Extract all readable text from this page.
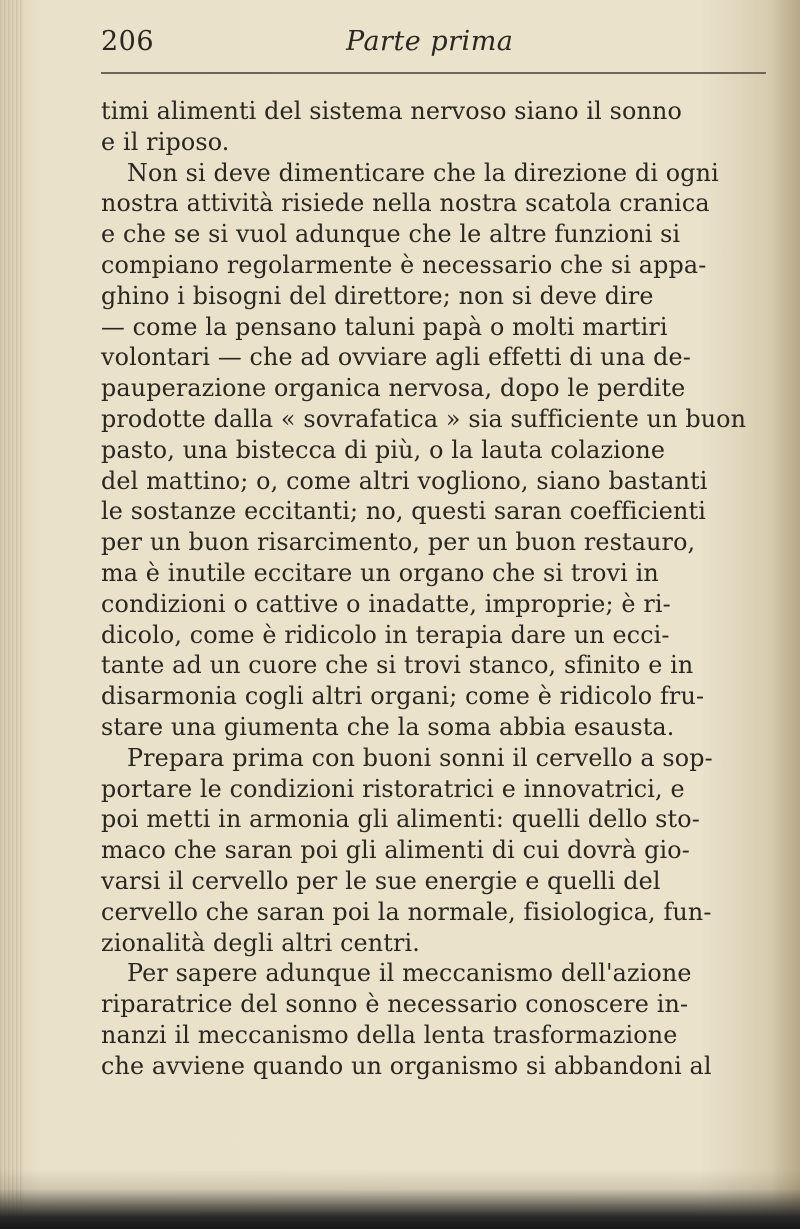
206	Parte prima
timi alimenti del sistema nervoso siano il sonno
e il riposo.
Non si deve dimenticare che la direzione di ogni
nostra attività risiede nella nostra scatola cranica
e che se si vuol adunque che le altre funzioni si
compiano regolarmente è necessario che si appa-
ghino i bisogni del direttore; non si deve dire
— come la pensano taluni papà o molti martiri
volontari — che ad ovviare agli effetti di una de-
pauperazione organica nervosa, dopo le perdite
prodotte dalla « sovrafatica » sia sufficiente un buon
pasto, una bistecca di più, o la lauta colazione
del mattino; o, come altri vogliono, siano bastanti
le sostanze eccitanti; no, questi saran coefficienti
per un buon risarcimento, per un buon restauro,
ma è inutile eccitare un organo che si trovi in
condizioni o cattive o inadatte, improprie; è ri-
dicolo, come è ridicolo in terapia dare un ecci-
tante ad un cuore che si trovi stanco, sfinito e in
disarmonia cogli altri organi; come è ridicolo fru-
stare una giumenta che la soma abbia esausta.
Prepara prima con buoni sonni il cervello a sop-
portare le condizioni ristoratrici e innovatrici, e
poi metti in armonia gli alimenti: quelli dello sto-
maco che saran poi gli alimenti di cui dovrà gio-
varsi il cervello per le sue energie e quelli del
cervello che saran poi la normale, fisiologica, fun-
zionalità degli altri centri.
Per sapere adunque il meccanismo dell'azione
riparatrice del sonno è necessario conoscere in-
nanzi il meccanismo della lenta trasformazione
che avviene quando un organismo si abbandoni al
